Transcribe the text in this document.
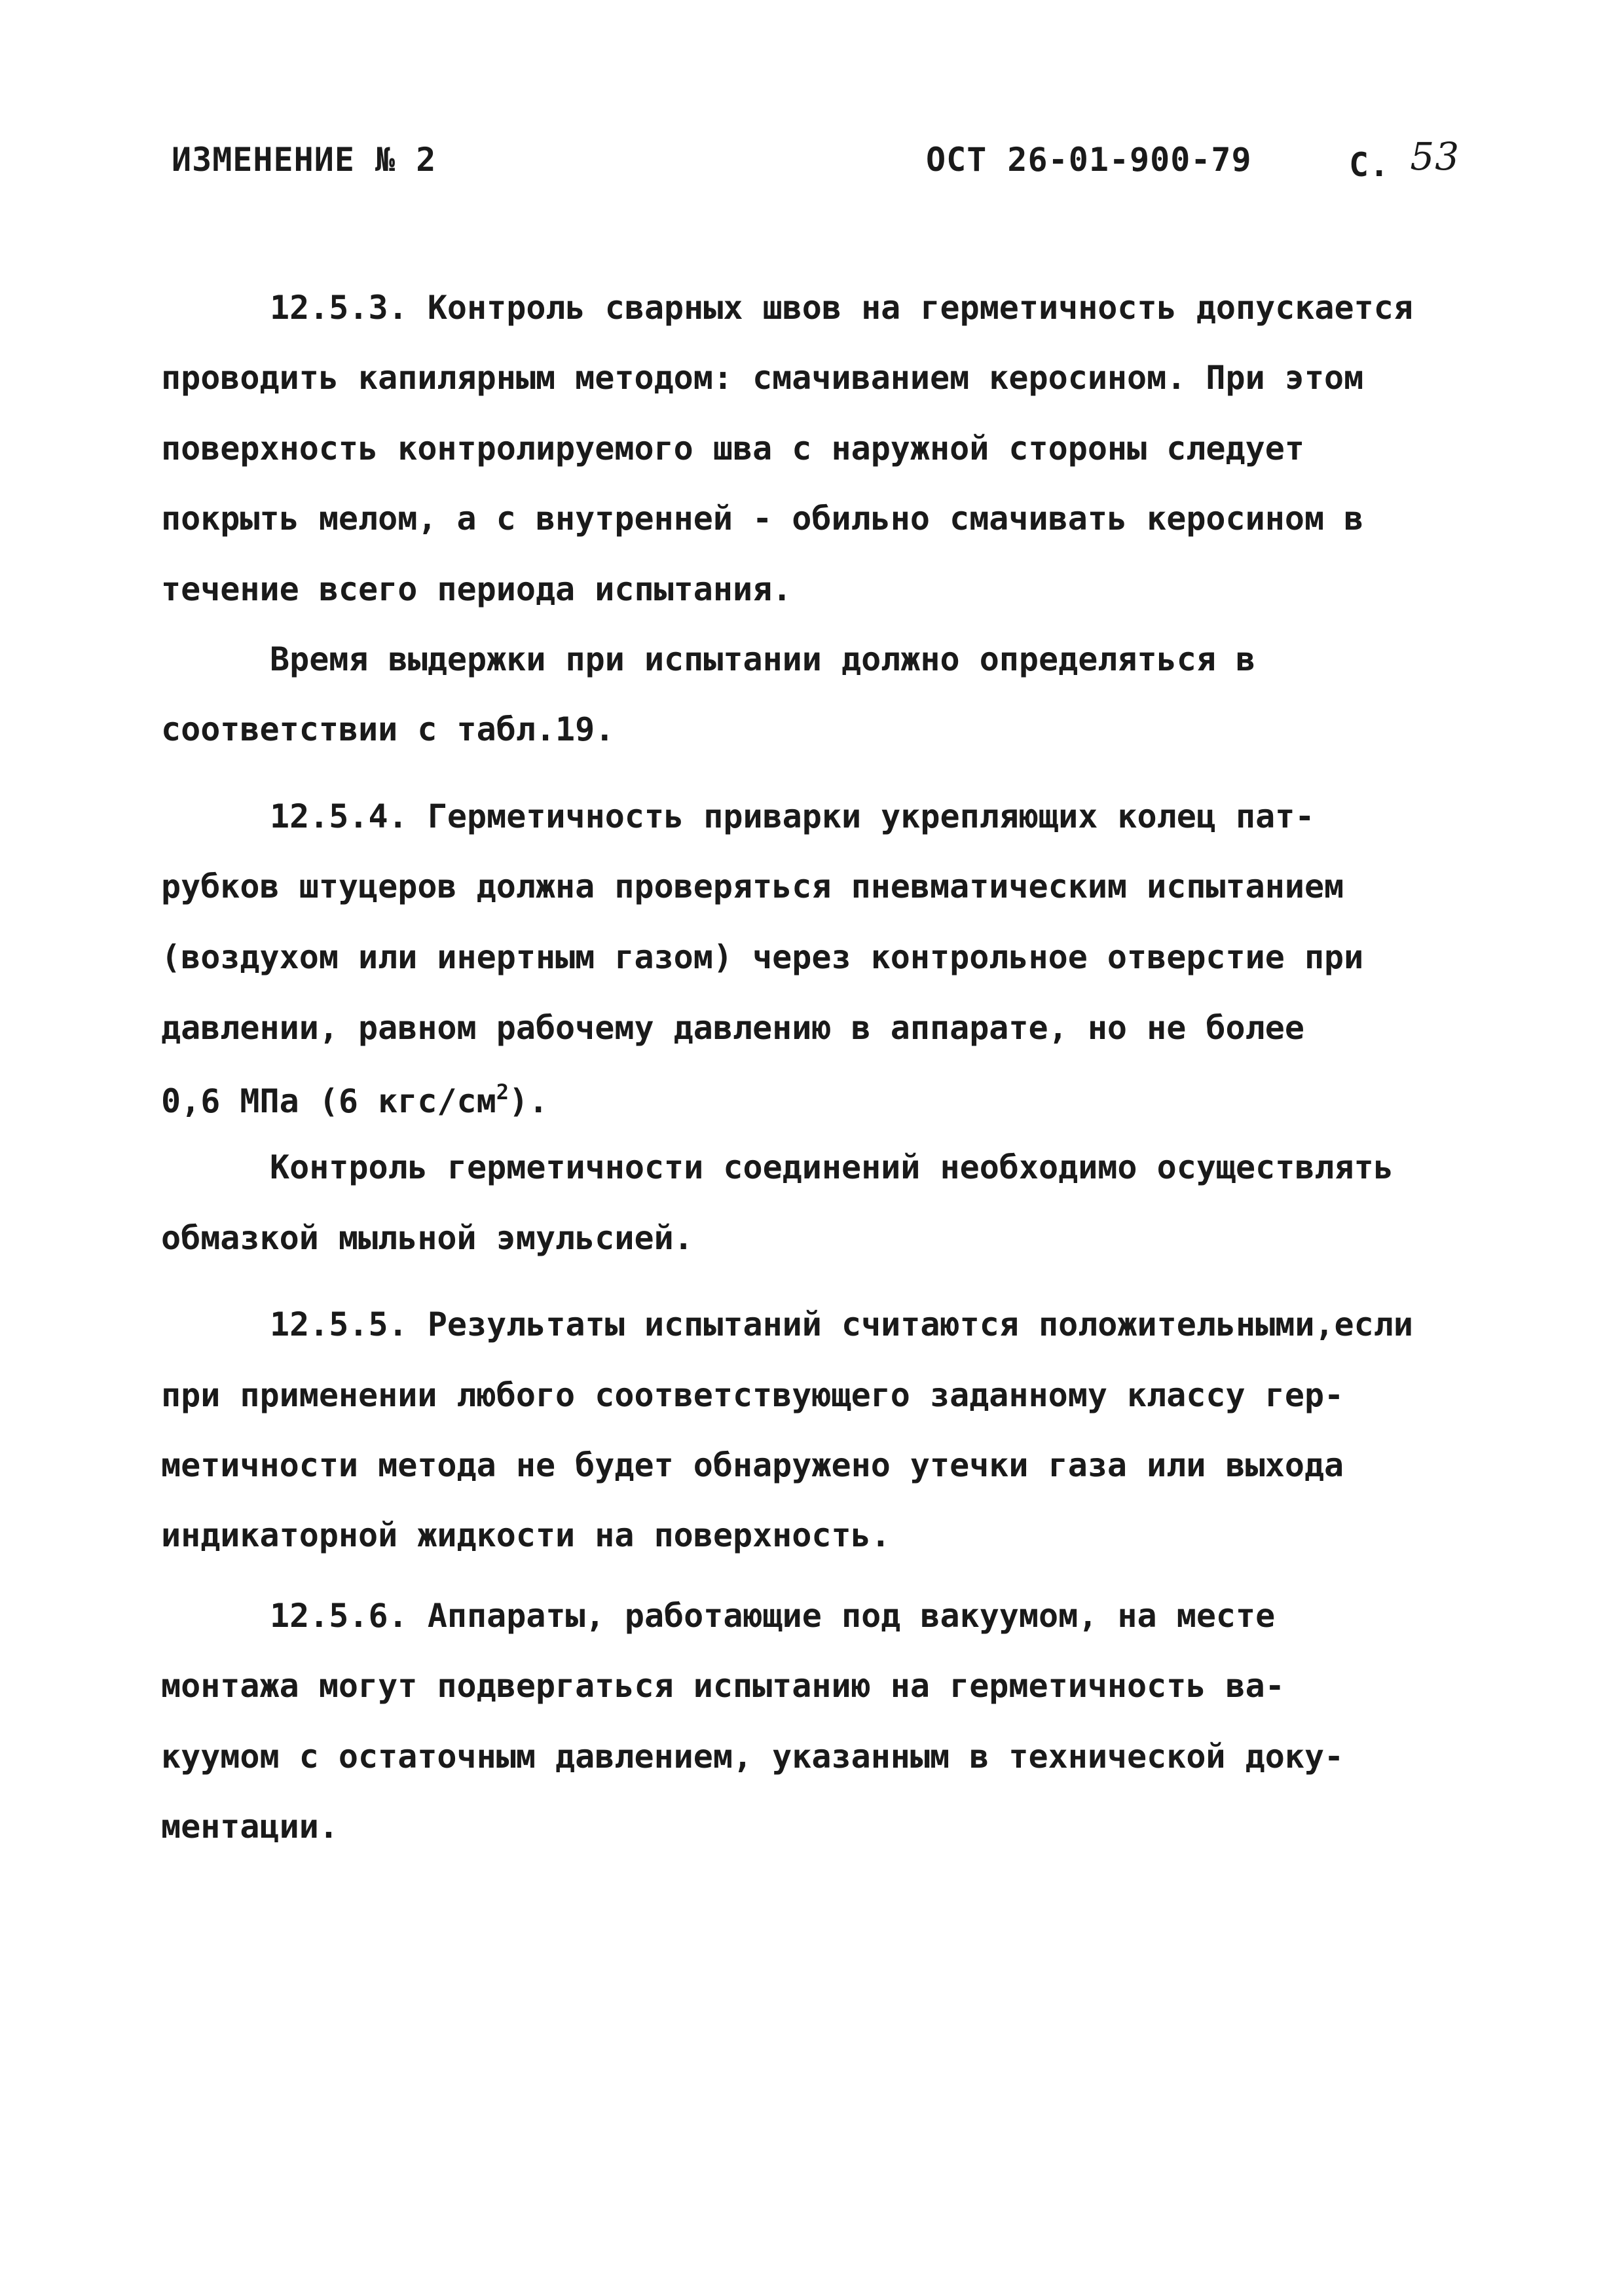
ИЗМЕНЕНИЕ № 2	ОСТ 26-01-900-79	С. 53
12.5.3. Контроль сварных швов на герметичность допускается
проводить капилярным методом: смачиванием керосином. При этом
поверхность контролируемого шва с наружной стороны следует
покрыть мелом, а с внутренней - обильно смачивать керосином в
течение всего периода испытания.
Время выдержки при испытании должно определяться в
соответствии с табл.19.
12.5.4. Герметичность приварки укрепляющих колец пат-
рубков штуцеров должна проверяться пневматическим испытанием
(воздухом или инертным газом) через контрольное отверстие при
давлении, равном рабочему давлению в аппарате, но не более
0,6 МПа (6 кгс/$см^2$).
Контроль герметичности соединений необходимо осуществлять
обмазкой мыльной эмульсией.
12.5.5. Результаты испытаний считаются положительными,если
при применении любого соответствующего заданному классу гер-
метичности метода не будет обнаружено утечки газа или выхода
индикаторной жидкости на поверхность.
12.5.6. Аппараты, работающие под вакуумом, на месте
монтажа могут подвергаться испытанию на герметичность ва-
куумом с остаточным давлением, указанным в технической доку-
ментации.
